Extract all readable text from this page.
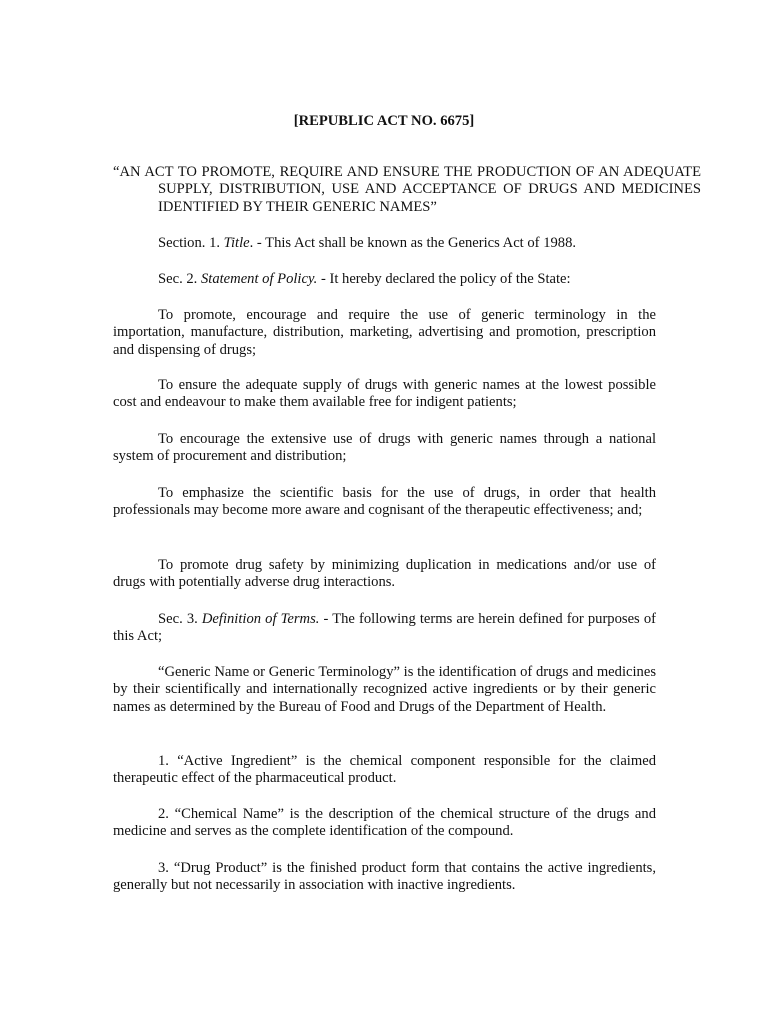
[REPUBLIC ACT NO. 6675]

“AN ACT TO PROMOTE, REQUIRE AND ENSURE THE PRODUCTION OF AN ADEQUATE SUPPLY, DISTRIBUTION, USE AND ACCEPTANCE OF DRUGS AND MEDICINES IDENTIFIED BY THEIR GENERIC NAMES”

Section. 1. Title. - This Act shall be known as the Generics Act of 1988.

Sec. 2. Statement of Policy. - It hereby declared the policy of the State:

To promote, encourage and require the use of generic terminology in the importation, manufacture, distribution, marketing, advertising and promotion, prescription and dispensing of drugs;

To ensure the adequate supply of drugs with generic names at the lowest possible cost and endeavour to make them available free for indigent patients;

To encourage the extensive use of drugs with generic names through a national system of procurement and distribution;

To emphasize the scientific basis for the use of drugs, in order that health professionals may become more aware and cognisant of the therapeutic effectiveness; and;

To promote drug safety by minimizing duplication in medications and/or use of drugs with potentially adverse drug interactions.

Sec. 3. Definition of Terms. - The following terms are herein defined for purposes of this Act;

“Generic Name or Generic Terminology” is the identification of drugs and medicines by their scientifically and internationally recognized active ingredients or by their generic names as determined by the Bureau of Food and Drugs of the Department of Health.

1. “Active Ingredient” is the chemical component responsible for the claimed therapeutic effect of the pharmaceutical product.

2. “Chemical Name” is the description of the chemical structure of the drugs and medicine and serves as the complete identification of the compound.

3. “Drug Product” is the finished product form that contains the active ingredients, generally but not necessarily in association with inactive ingredients.
